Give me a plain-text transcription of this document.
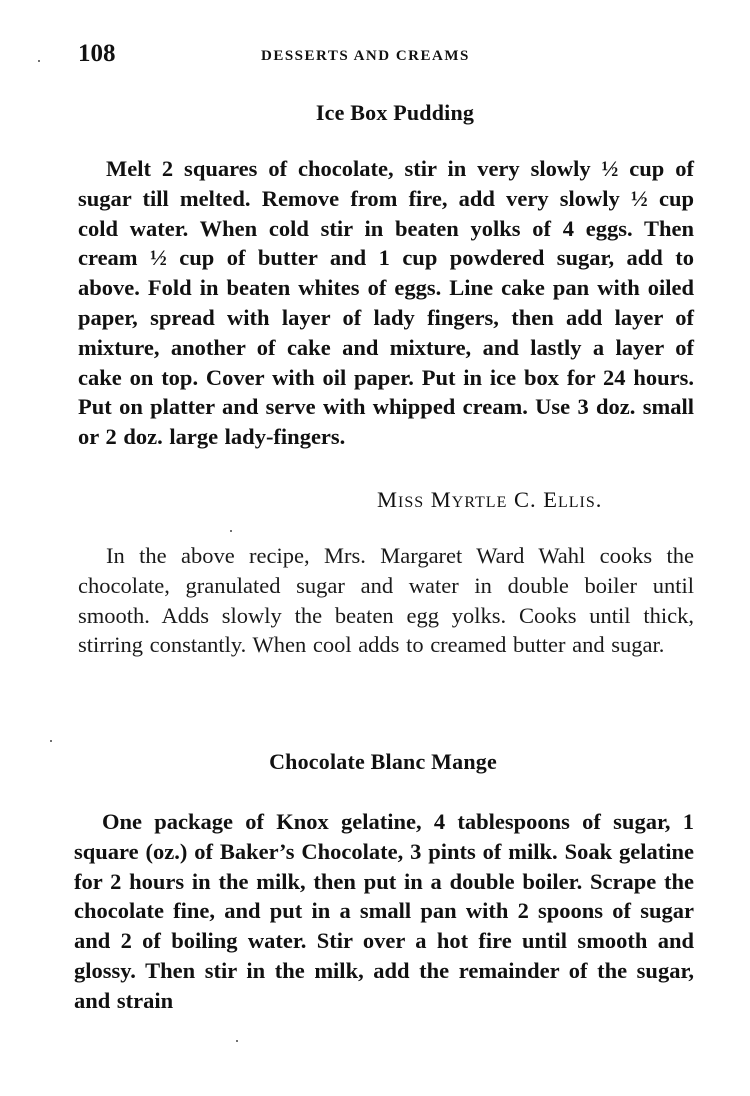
108	DESSERTS AND CREAMS
Ice Box Pudding

Melt 2 squares of chocolate, stir in very slowly ½ cup of sugar till melted. Remove from fire, add very slowly ½ cup cold water. When cold stir in beaten yolks of 4 eggs. Then cream ½ cup of butter and 1 cup powdered sugar, add to above. Fold in beaten whites of eggs. Line cake pan with oiled paper, spread with layer of lady fingers, then add layer of mixture, another of cake and mixture, and lastly a layer of cake on top. Cover with oil paper. Put in ice box for 24 hours. Put on platter and serve with whipped cream. Use 3 doz. small or 2 doz. large lady-fingers.

Miss Myrtle C. Ellis.

In the above recipe, Mrs. Margaret Ward Wahl cooks the chocolate, granulated sugar and water in double boiler until smooth. Adds slowly the beaten egg yolks. Cooks until thick, stirring constantly. When cool adds to creamed butter and sugar.

Chocolate Blanc Mange

One package of Knox gelatine, 4 tablespoons of sugar, 1 square (oz.) of Baker’s Chocolate, 3 pints of milk. Soak gelatine for 2 hours in the milk, then put in a double boiler. Scrape the chocolate fine, and put in a small pan with 2 spoons of sugar and 2 of boiling water. Stir over a hot fire until smooth and glossy. Then stir in the milk, add the remainder of the sugar, and strain
